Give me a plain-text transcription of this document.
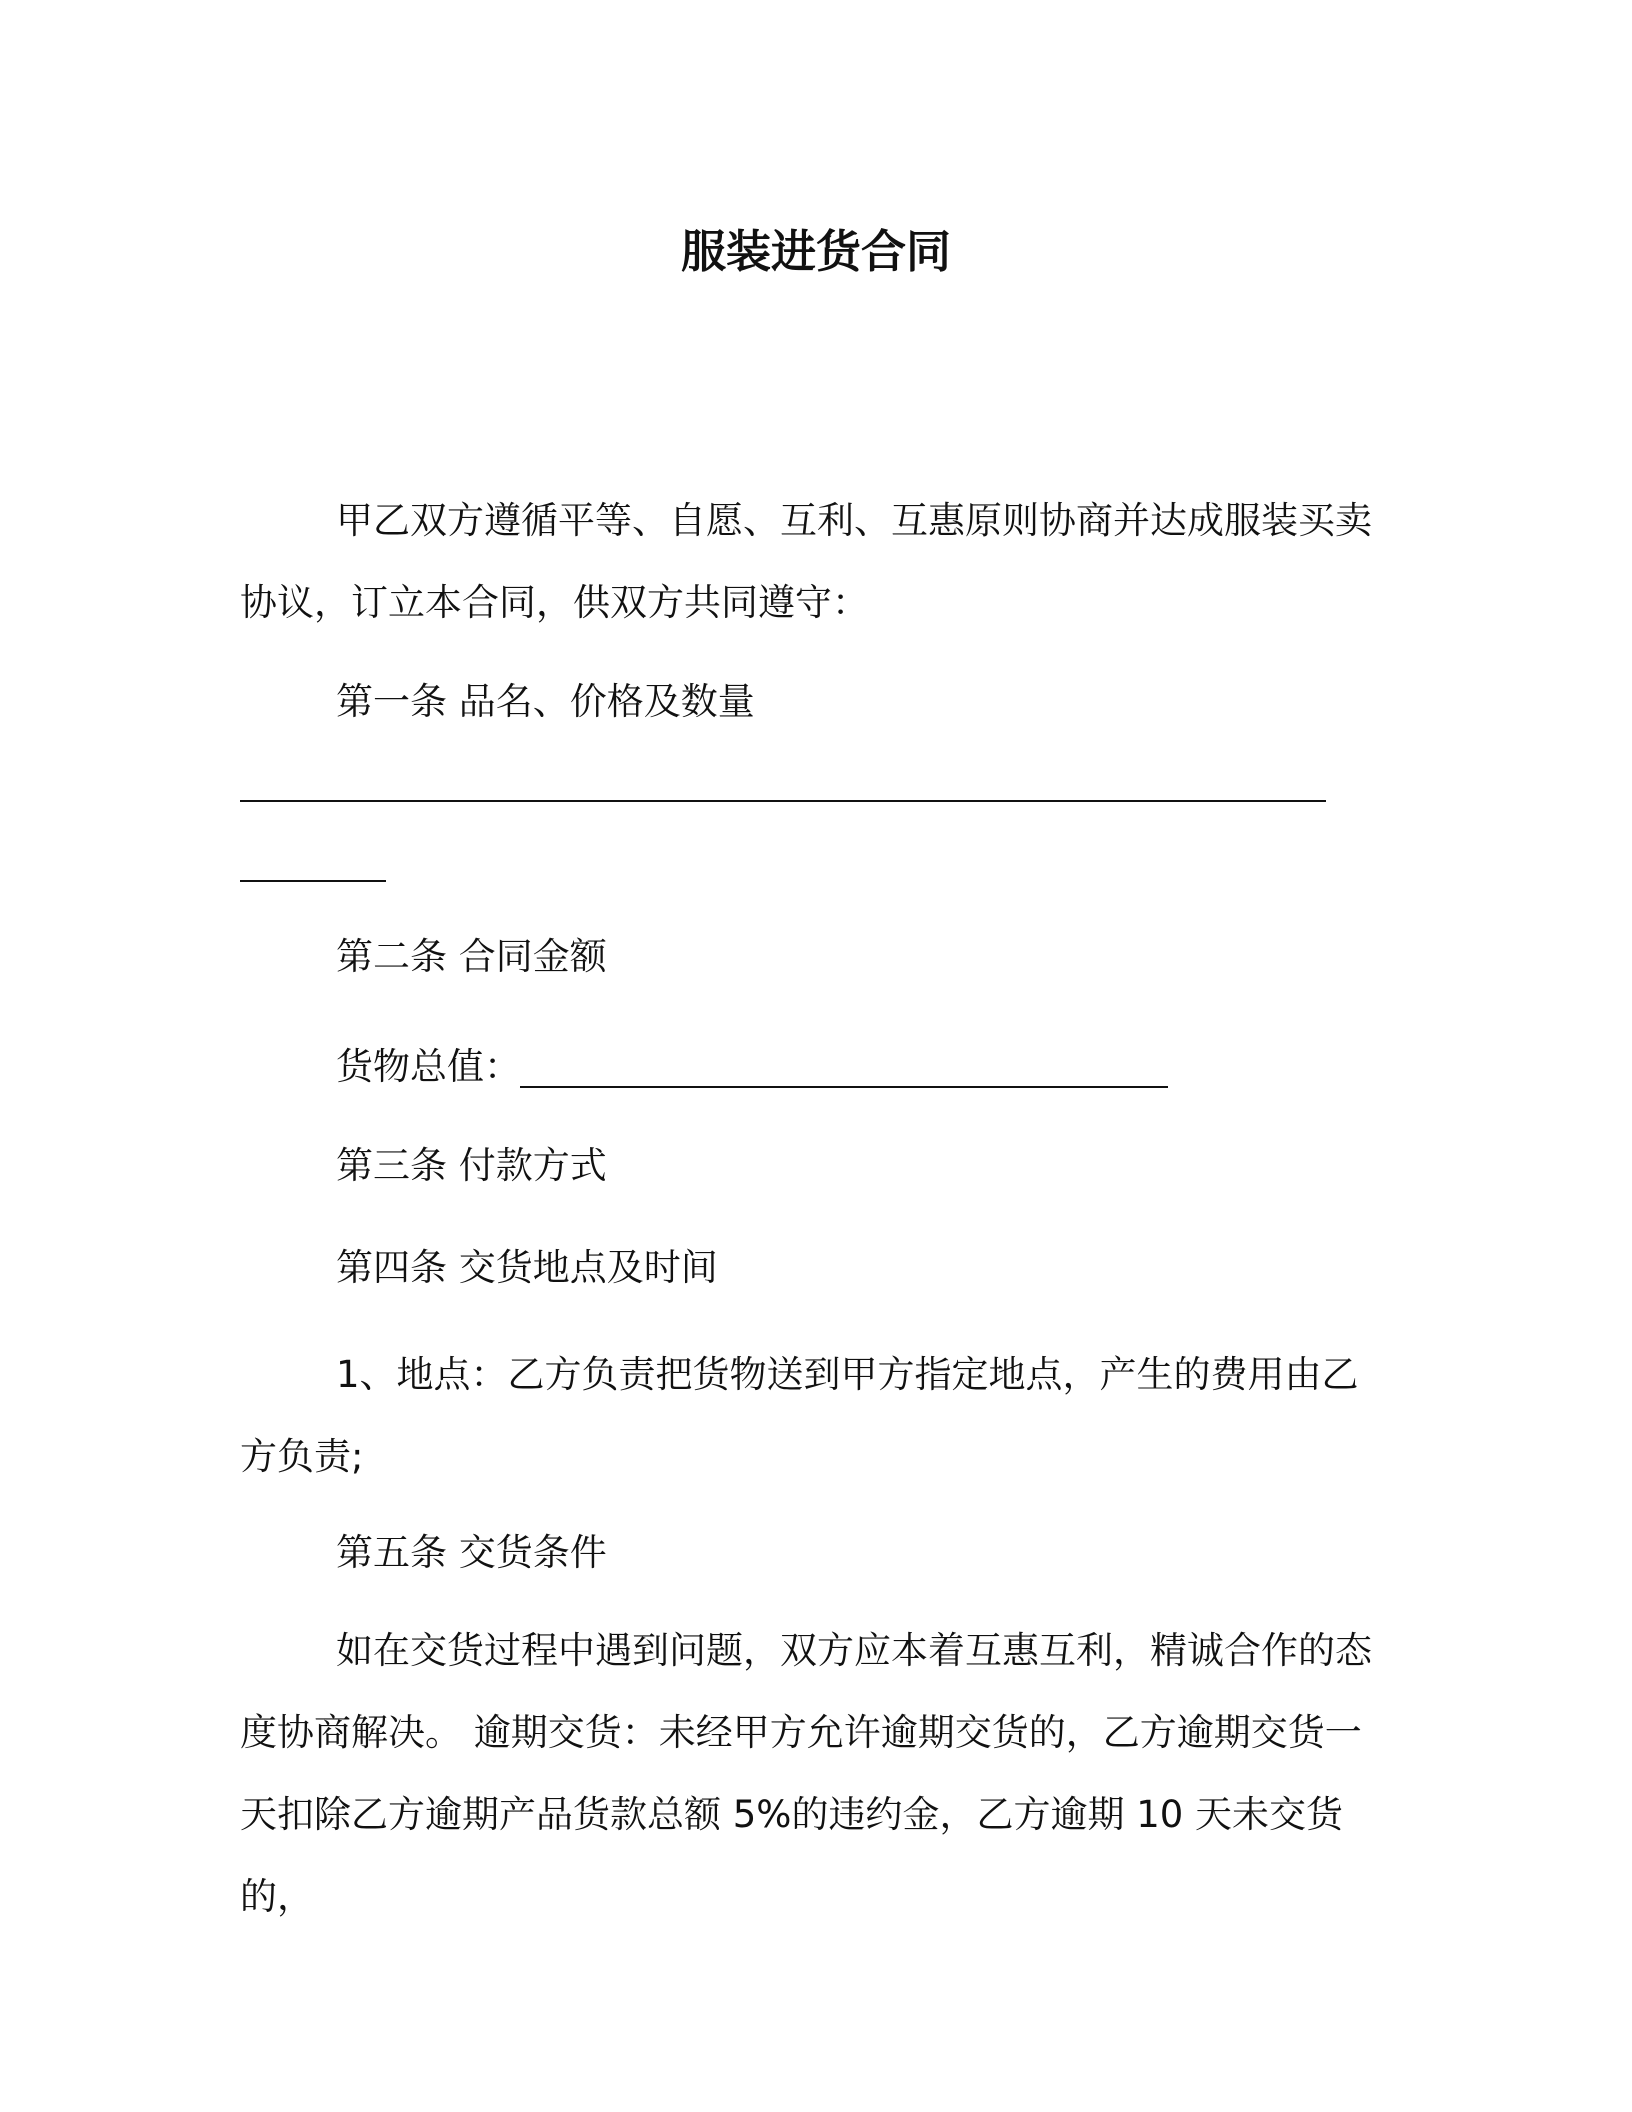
服装进货合同

甲乙双方遵循平等、自愿、互利、互惠原则协商并达成服装买卖协议，订立本合同，供双方共同遵守：

第一条 品名、价格及数量
第二条 合同金额
货物总值：
第三条 付款方式
第四条 交货地点及时间

1、地点：乙方负责把货物送到甲方指定地点，产生的费用由乙方负责;

第五条 交货条件

如在交货过程中遇到问题，双方应本着互惠互利，精诚合作的态度协商解决。 逾期交货：未经甲方允许逾期交货的，乙方逾期交货一天扣除乙方逾期产品货款总额 5%的违约金，乙方逾期 10 天未交货的，
